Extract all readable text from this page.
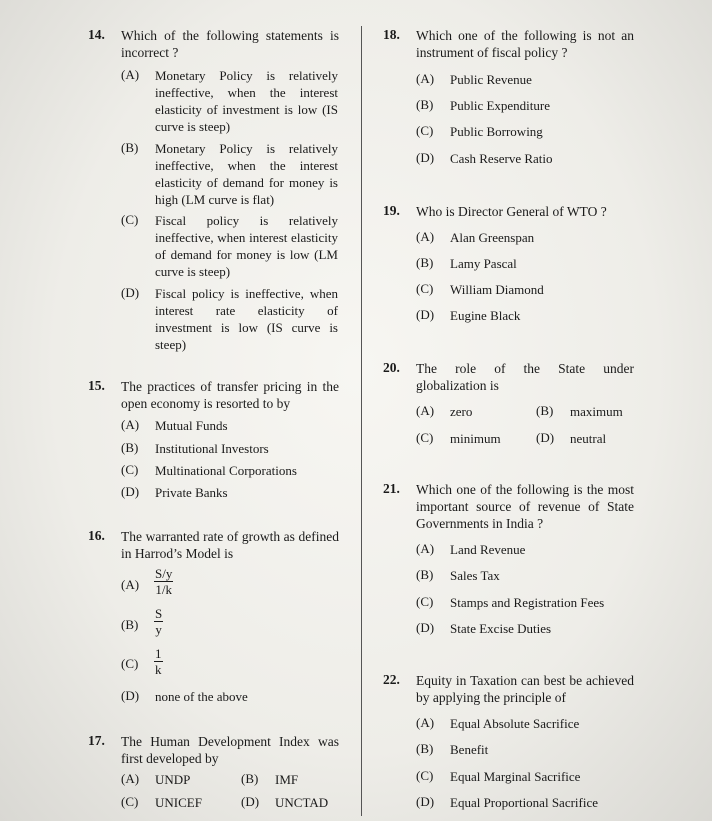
14. Which of the following statements is incorrect ?
(A) Monetary Policy is relatively ineffective, when the interest elasticity of investment is low (IS curve is steep)
(B) Monetary Policy is relatively ineffective, when the interest elasticity of demand for money is high (LM curve is flat)
(C) Fiscal policy is relatively ineffective, when interest elasticity of demand for money is low (LM curve is steep)
(D) Fiscal policy is ineffective, when interest rate elasticity of investment is low (IS curve is steep)
15. The practices of transfer pricing in the open economy is resorted to by
(A) Mutual Funds
(B) Institutional Investors
(C) Multinational Corporations
(D) Private Banks
16. The warranted rate of growth as defined in Harrod’s Model is
$(A) \frac{S/y}{1/k}$
$(B) \frac{S}{y}$
$(C) \frac{1}{k}$
(D) none of the above
17. The Human Development Index was first developed by
(A) UNDP	(B) IMF
(C) UNICEF	(D) UNCTAD
18. Which one of the following is not an instrument of fiscal policy ?
(A) Public Revenue
(B) Public Expenditure
(C) Public Borrowing
(D) Cash Reserve Ratio
19. Who is Director General of WTO ?
(A) Alan Greenspan
(B) Lamy Pascal
(C) William Diamond
(D) Eugine Black
20. The role of the State under globalization is
(A) zero	(B) maximum
(C) minimum	(D) neutral
21. Which one of the following is the most important source of revenue of State Governments in India ?
(A) Land Revenue
(B) Sales Tax
(C) Stamps and Registration Fees
(D) State Excise Duties
22. Equity in Taxation can best be achieved by applying the principle of
(A) Equal Absolute Sacrifice
(B) Benefit
(C) Equal Marginal Sacrifice
(D) Equal Proportional Sacrifice
